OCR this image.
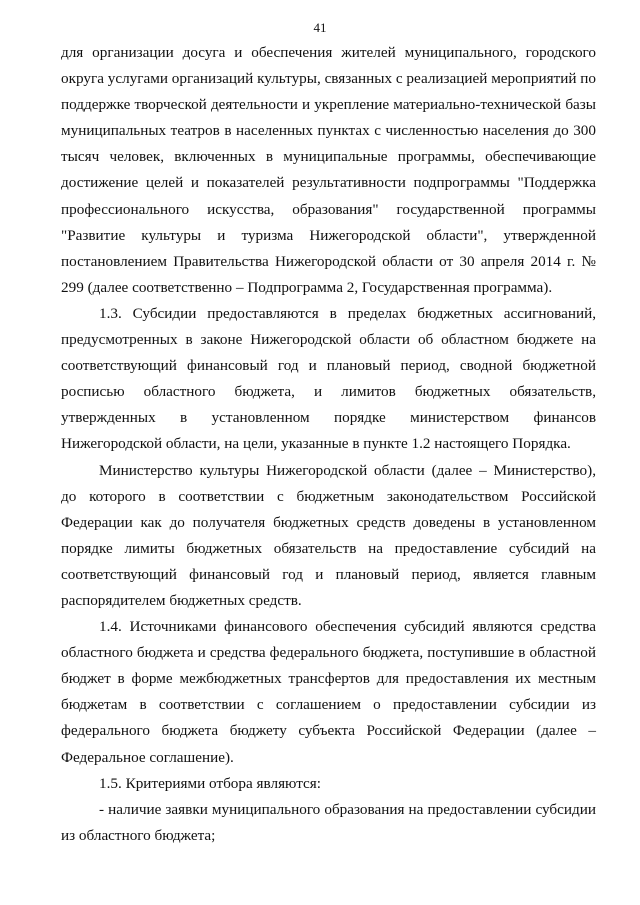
41

для организации досуга и обеспечения жителей муниципального, городского округа услугами организаций культуры, связанных с реализацией мероприятий по поддержке творческой деятельности и укрепление материально-технической базы муниципальных театров в населенных пунктах с численностью населения до 300 тысяч человек, включенных в муниципальные программы, обеспечивающие достижение целей и показателей результативности подпрограммы "Поддержка профессионального искусства, образования" государственной программы "Развитие культуры и туризма Нижегородской области", утвержденной постановлением Правительства Нижегородской области от 30 апреля 2014 г. № 299 (далее соответственно – Подпрограмма 2, Государственная программа).

1.3. Субсидии предоставляются в пределах бюджетных ассигнований, предусмотренных в законе Нижегородской области об областном бюджете на соответствующий финансовый год и плановый период, сводной бюджетной росписью областного бюджета, и лимитов бюджетных обязательств, утвержденных в установленном порядке министерством финансов Нижегородской области, на цели, указанные в пункте 1.2 настоящего Порядка.

Министерство культуры Нижегородской области (далее – Министерство), до которого в соответствии с бюджетным законодательством Российской Федерации как до получателя бюджетных средств доведены в установленном порядке лимиты бюджетных обязательств на предоставление субсидий на соответствующий финансовый год и плановый период, является главным распорядителем бюджетных средств.

1.4. Источниками финансового обеспечения субсидий являются средства областного бюджета и средства федерального бюджета, поступившие в областной бюджет в форме межбюджетных трансфертов для предоставления их местным бюджетам в соответствии с соглашением о предоставлении субсидии из федерального бюджета бюджету субъекта Российской Федерации (далее – Федеральное соглашение).

1.5. Критериями отбора являются:

- наличие заявки муниципального образования на предоставлении субсидии из областного бюджета;
